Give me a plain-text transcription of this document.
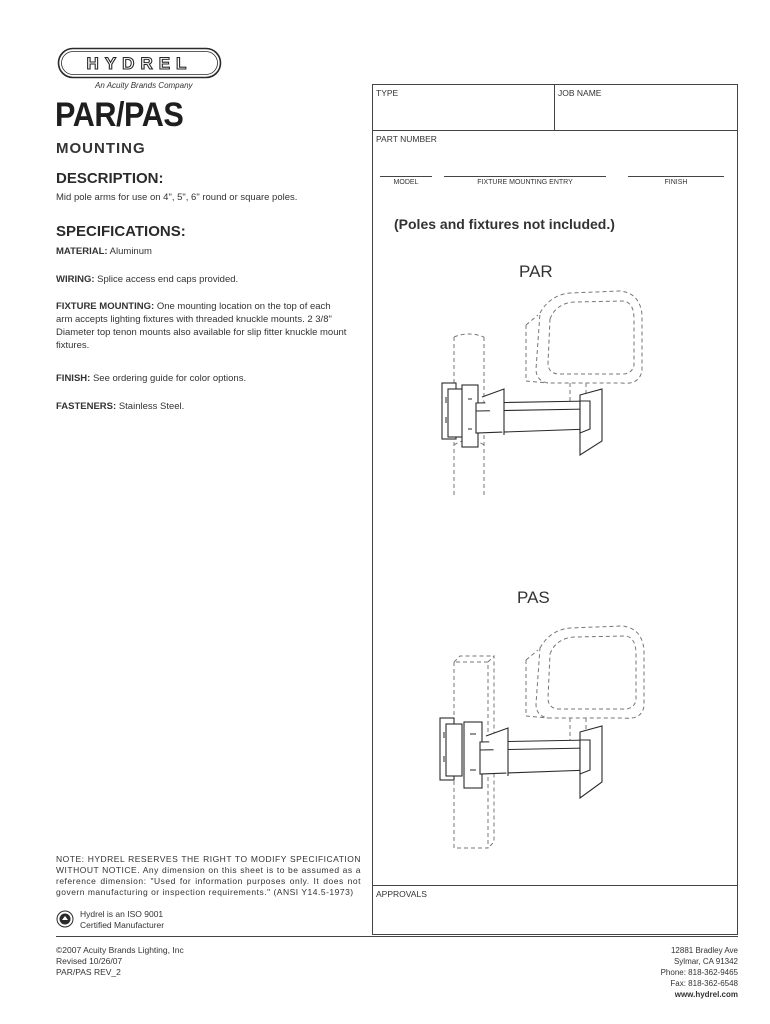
HYDREL
An Acuity Brands Company
PAR/PAS
MOUNTING
DESCRIPTION:
Mid pole arms for use on 4", 5", 6" round or square poles.
SPECIFICATIONS:
MATERIAL: Aluminum
WIRING: Splice access end caps provided.
FIXTURE MOUNTING: One mounting location on the top of each
arm accepts lighting fixtures with threaded knuckle mounts. 2 3/8"
Diameter top tenon mounts also available for slip fitter knuckle mount
fixtures.
FINISH: See ordering guide for color options.
FASTENERS: Stainless Steel.
TYPE	JOB NAME
PART NUMBER
MODEL	FIXTURE MOUNTING ENTRY	FINISH
(Poles and fixtures not included.)
PAR
PAS
APPROVALS
NOTE: HYDREL RESERVES THE RIGHT TO MODIFY SPECIFICATION WITHOUT NOTICE. Any dimension on this sheet is to be assumed as a reference dimension: "Used for information purposes only. It does not govern manufacturing or inspection requirements." (ANSI Y14.5-1973)
Hydrel is an ISO 9001
Certified Manufacturer
©2007 Acuity Brands Lighting, Inc
Revised 10/26/07
PAR/PAS REV_2
12881 Bradley Ave
Sylmar, CA 91342
Phone: 818-362-9465
Fax: 818-362-6548
www.hydrel.com
